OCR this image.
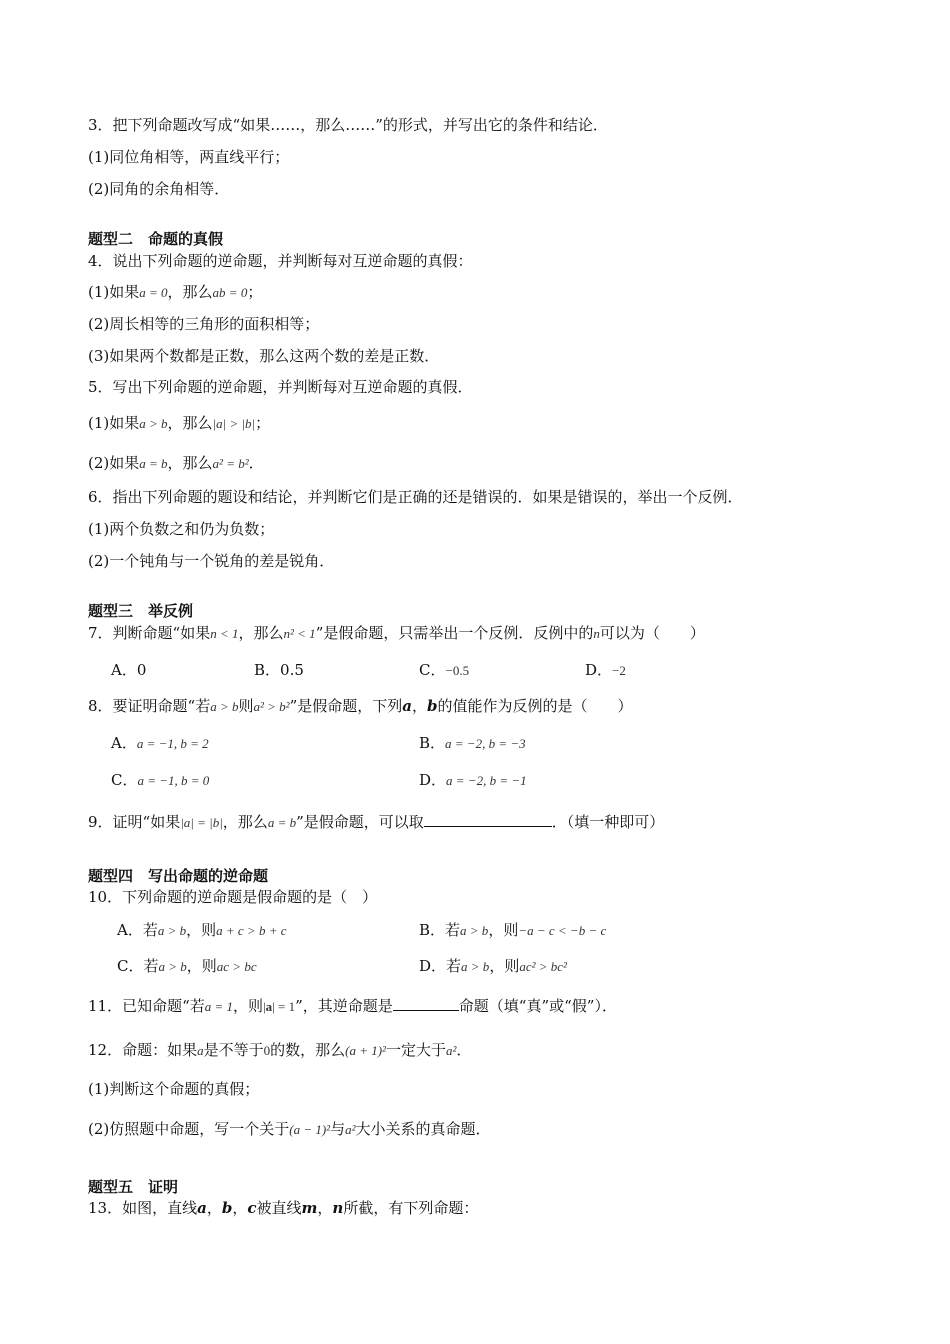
3．把下列命题改写成“如果……，那么……”的形式，并写出它的条件和结论．
(1)同位角相等，两直线平行；
(2)同角的余角相等．
题型二　命题的真假
4．说出下列命题的逆命题，并判断每对互逆命题的真假：
(1)如果a = 0，那么ab = 0；
(2)周长相等的三角形的面积相等；
(3)如果两个数都是正数，那么这两个数的差是正数．
5．写出下列命题的逆命题，并判断每对互逆命题的真假．
(1)如果a > b，那么|a| > |b|；
(2)如果a = b，那么a² = b²．
6．指出下列命题的题设和结论，并判断它们是正确的还是错误的．如果是错误的，举出一个反例．
(1)两个负数之和仍为负数；
(2)一个钝角与一个锐角的差是锐角．
题型三　举反例
7．判断命题“如果n < 1，那么n² < 1”是假命题，只需举出一个反例．反例中的n可以为（　　）
A．0	B．0.5	C．−0.5	D．−2
8．要证明命题“若a > b则a² > b²”是假命题，下列a，b的值能作为反例的是（　　）
A．a = −1, b = 2	B．a = −2, b = −3
C．a = −1, b = 0	D．a = −2, b = −1
9．证明“如果|a| = |b|，那么a = b”是假命题，可以取	．（填一种即可）
题型四　写出命题的逆命题
10．下列命题的逆命题是假命题的是（　）
A．若a > b，则a + c > b + c	B．若a > b，则−a − c < −b − c
C．若a > b，则ac > bc	D．若a > b，则ac² > bc²
11．已知命题“若a = 1，则|a| = 1”，其逆命题是	命题（填“真”或“假”）．
12．命题：如果a是不等于0的数，那么(a + 1)²一定大于a²．
(1)判断这个命题的真假；
(2)仿照题中命题，写一个关于(a − 1)²与a²大小关系的真命题．
题型五　证明
13．如图，直线a，b，c被直线m，n所截，有下列命题：
